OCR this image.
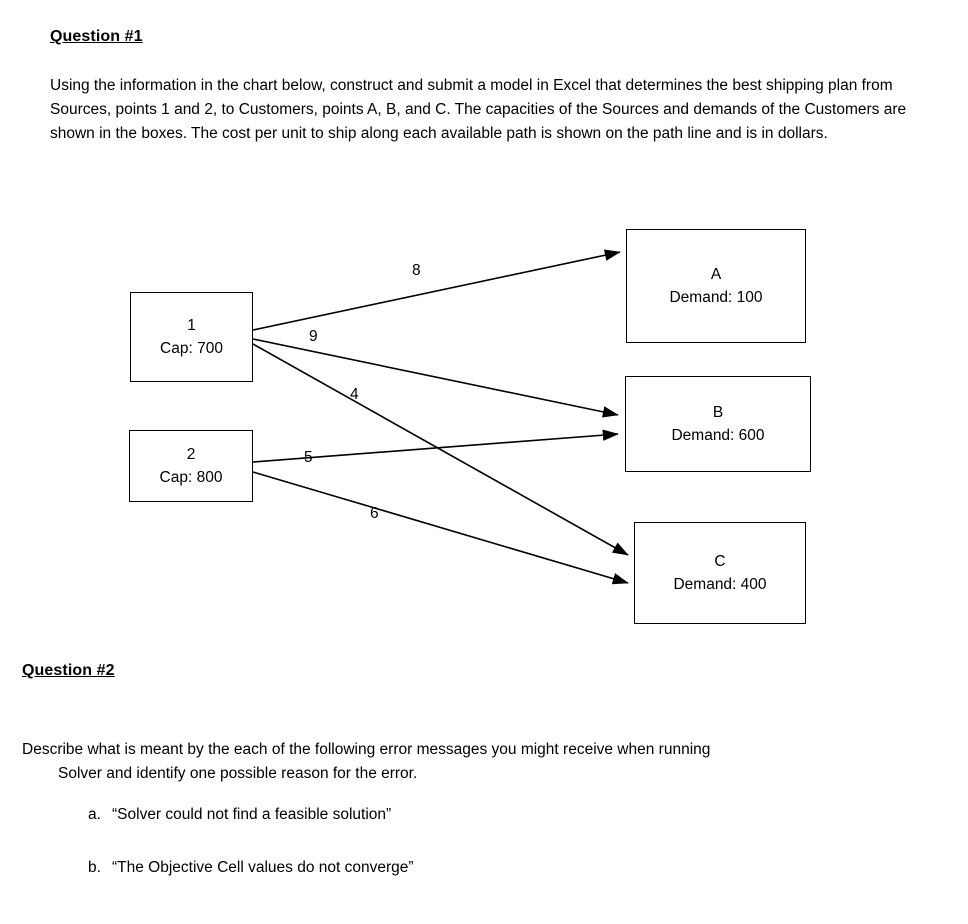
Question #1
Using the information in the chart below, construct and submit a model in Excel that determines the best shipping plan from Sources, points 1 and 2, to Customers, points A, B, and C. The capacities of the Sources and demands of the Customers are shown in the boxes. The cost per unit to ship along each available path is shown on the path line and is in dollars.
1
Cap: 700
2
Cap: 800
A
Demand: 100
B
Demand: 600
C
Demand: 400
8
9
4
5
6
Question #2
Describe what is meant by the each of the following error messages you might receive when running
Solver and identify one possible reason for the error.
a. “Solver could not find a feasible solution”
b. “The Objective Cell values do not converge”
